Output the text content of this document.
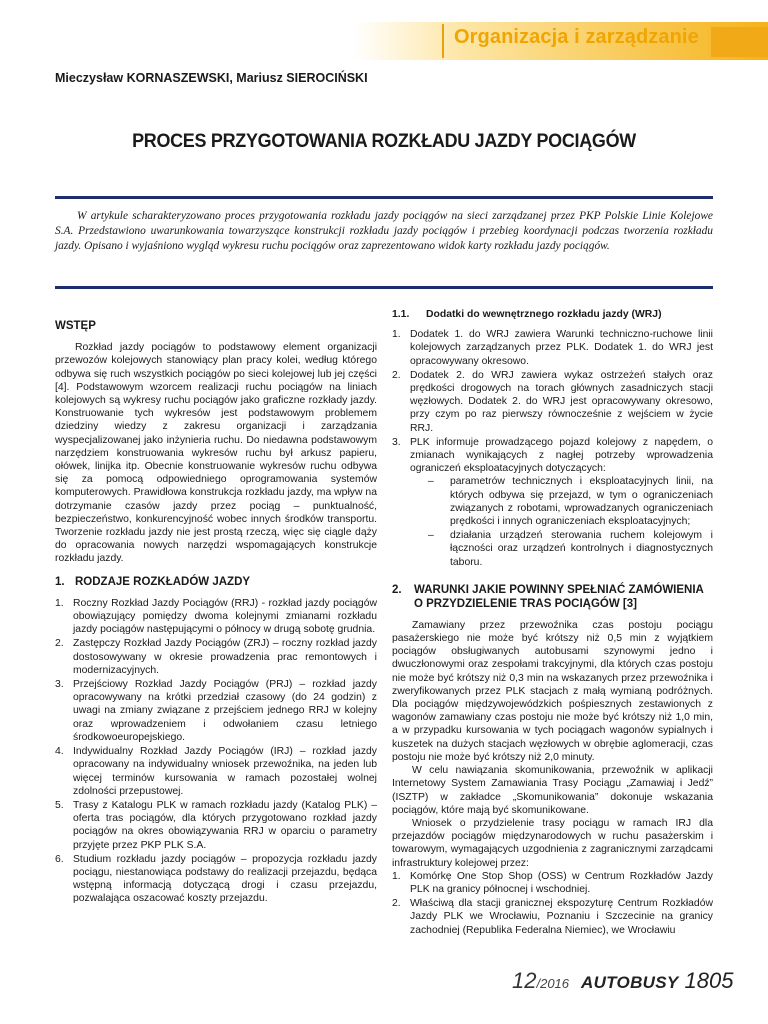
Organizacja i zarządzanie
Mieczysław KORNASZEWSKI, Mariusz SIEROCIŃSKI
PROCES PRZYGOTOWANIA ROZKŁADU JAZDY POCIĄGÓW
W artykule scharakteryzowano proces przygotowania rozkładu jazdy pociągów na sieci zarządzanej przez PKP Polskie Linie Kolejowe S.A. Przedstawiono uwarunkowania towarzyszące konstrukcji rozkładu jazdy pociągów i przebieg koordynacji podczas tworzenia rozkładu jazdy. Opisano i wyjaśniono wygląd wykresu ruchu pociągów oraz zaprezentowano widok karty rozkładu jazdy pociągów.
WSTĘP

Rozkład jazdy pociągów to podstawowy element organizacji przewozów kolejowych stanowiący plan pracy kolei, według którego odbywa się ruch wszystkich pociągów po sieci kolejowej lub jej części [4]. Podstawowym wzorcem realizacji ruchu pociągów na liniach kolejowych są wykresy ruchu pociągów jako graficzne rozkłady jazdy. Konstruowanie tych wykresów jest podstawowym problemem dziedziny wiedzy z zakresu organizacji i zarządzania wyspecjalizowanej jako inżynieria ruchu. Do niedawna podstawowym narzędziem konstruowania wykresów ruchu był arkusz papieru, ołówek, linijka itp. Obecnie konstruowanie wykresów ruchu odbywa się za pomocą odpowiedniego oprogramowania systemów komputerowych. Prawidłowa konstrukcja rozkładu jazdy, ma wpływ na dotrzymanie czasów jazdy przez pociąg – punktualność, bezpieczeństwo, konkurencyjność wobec innych środków transportu. Tworzenie rozkładu jazdy nie jest prostą rzeczą, więc się ciągle dąży do opracowania nowych narzędzi wspomagających konstrukcje rozkładu jazdy.

1. RODZAJE ROZKŁADÓW JAZDY
1. Roczny Rozkład Jazdy Pociągów (RRJ) - rozkład jazdy pociągów obowiązujący pomiędzy dwoma kolejnymi zmianami rozkładu jazdy pociągów następującymi o północy w drugą sobotę grudnia.
2. Zastępczy Rozkład Jazdy Pociągów (ZRJ) – roczny rozkład jazdy dostosowywany w okresie prowadzenia prac remontowych i modernizacyjnych.
3. Przejściowy Rozkład Jazdy Pociągów (PRJ) – rozkład jazdy opracowywany na krótki przedział czasowy (do 24 godzin) z uwagi na zmiany związane z przejściem jednego RRJ w kolejny oraz wprowadzeniem i odwołaniem czasu letniego środkowoeuropejskiego.
4. Indywidualny Rozkład Jazdy Pociągów (IRJ) – rozkład jazdy opracowany na indywidualny wniosek przewoźnika, na jeden lub więcej terminów kursowania w ramach pozostałej wolnej zdolności przepustowej.
5. Trasy z Katalogu PLK w ramach rozkładu jazdy (Katalog PLK) – oferta tras pociągów, dla których przygotowano rozkład jazdy pociągów na okres obowiązywania RRJ w oparciu o parametry przyjęte przez PKP PLK S.A.
6. Studium rozkładu jazdy pociągów – propozycja rozkładu jazdy pociągu, niestanowiąca podstawy do realizacji przejazdu, będąca wstępną informacją dotyczącą drogi i czasu przejazdu, pozwalająca oszacować koszty przejazdu.
1.1. Dodatki do wewnętrznego rozkładu jazdy (WRJ)
1. Dodatek 1. do WRJ zawiera Warunki techniczno-ruchowe linii kolejowych zarządzanych przez PLK. Dodatek 1. do WRJ jest opracowywany okresowo.
2. Dodatek 2. do WRJ zawiera wykaz ostrzeżeń stałych oraz prędkości drogowych na torach głównych zasadniczych stacji węzłowych. Dodatek 2. do WRJ jest opracowywany okresowo, przy czym po raz pierwszy równocześnie z wejściem w życie RRJ.
3. PLK informuje prowadzącego pojazd kolejowy z napędem, o zmianach wynikających z nagłej potrzeby wprowadzenia ograniczeń eksploatacyjnych dotyczących:
– parametrów technicznych i eksploatacyjnych linii, na których odbywa się przejazd, w tym o ograniczeniach związanych z robotami, wprowadzanych ograniczeniach prędkości i innych ograniczeniach eksploatacyjnych;
– działania urządzeń sterowania ruchem kolejowym i łączności oraz urządzeń kontrolnych i diagnostycznych taboru.
2. WARUNKI JAKIE POWINNY SPEŁNIAĆ ZAMÓWIENIA O PRZYDZIELENIE TRAS POCIĄGÓW [3]

Zamawiany przez przewoźnika czas postoju pociągu pasażerskiego nie może być krótszy niż 0,5 min z wyjątkiem pociągów obsługiwanych autobusami szynowymi jedno i dwuczłonowymi oraz zespołami trakcyjnymi, dla których czas postoju nie może być krótszy niż 0,3 min na wskazanych przez przewoźnika i zweryfikowanych przez PLK stacjach z małą wymianą podróżnych. Dla pociągów międzywojewódzkich pośpiesznych zestawionych z wagonów zamawiany czas postoju nie może być krótszy niż 1,0 min, a w przypadku kursowania w tych pociągach wagonów sypialnych i kuszetek na dużych stacjach węzłowych w obrębie aglomeracji, czas postoju nie może być krótszy niż 2,0 minuty.

W celu nawiązania skomunikowania, przewoźnik w aplikacji Internetowy System Zamawiania Trasy Pociągu „Zamawiaj i Jedź” (ISZTP) w zakładce „Skomunikowania” dokonuje wskazania pociągów, które mają być skomunikowane.

Wniosek o przydzielenie trasy pociągu w ramach IRJ dla przejazdów pociągów międzynarodowych w ruchu pasażerskim i towarowym, wymagających uzgodnienia z zagranicznymi zarządcami infrastruktury kolejowej przez:

1. Komórkę One Stop Shop (OSS) w Centrum Rozkładów Jazdy PLK na granicy północnej i wschodniej.
2. Właściwą dla stacji granicznej ekspozyturę Centrum Rozkładów Jazdy PLK we Wrocławiu, Poznaniu i Szczecinie na granicy zachodniej (Republika Federalna Niemiec), we Wrocławiu
12/2016 AUTOBUSY 1805
